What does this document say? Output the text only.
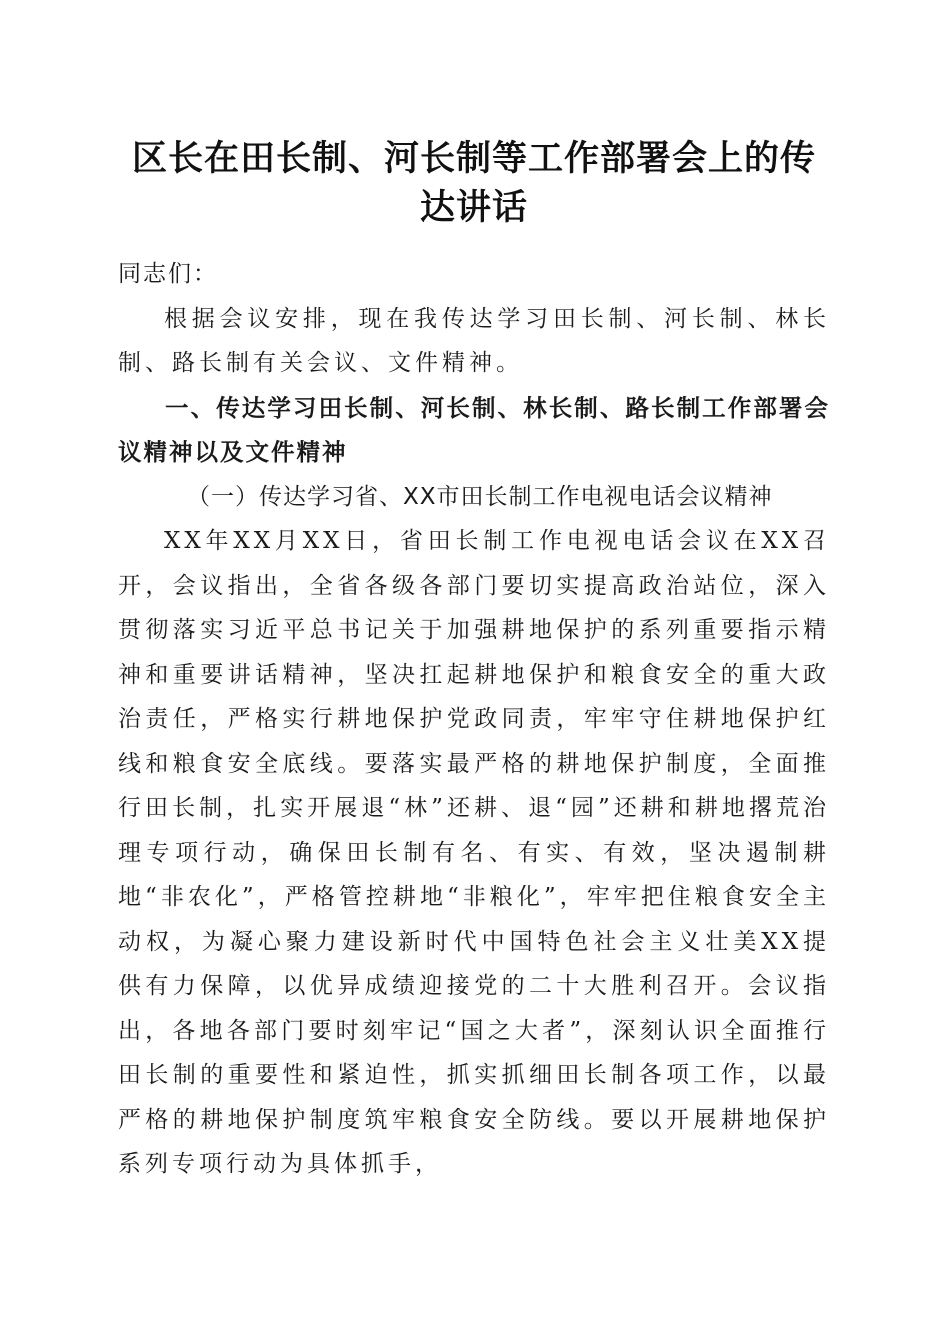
区长在田长制、河长制等工作部署会上的传达讲话

同志们：

根据会议安排，现在我传达学习田长制、河长制、林长制、路长制有关会议、文件精神。

一、传达学习田长制、河长制、林长制、路长制工作部署会议精神以及文件精神

（一）传达学习省、XX市田长制工作电视电话会议精神

XX年XX月XX日，省田长制工作电视电话会议在XX召开，会议指出，全省各级各部门要切实提高政治站位，深入贯彻落实习近平总书记关于加强耕地保护的系列重要指示精神和重要讲话精神，坚决扛起耕地保护和粮食安全的重大政治责任，严格实行耕地保护党政同责，牢牢守住耕地保护红线和粮食安全底线。要落实最严格的耕地保护制度，全面推行田长制，扎实开展退“林”还耕、退“园”还耕和耕地撂荒治理专项行动，确保田长制有名、有实、有效，坚决遏制耕地“非农化”，严格管控耕地“非粮化”，牢牢把住粮食安全主动权，为凝心聚力建设新时代中国特色社会主义壮美XX提供有力保障，以优异成绩迎接党的二十大胜利召开。会议指出，各地各部门要时刻牢记“国之大者”，深刻认识全面推行田长制的重要性和紧迫性，抓实抓细田长制各项工作，以最严格的耕地保护制度筑牢粮食安全防线。要以开展耕地保护系列专项行动为具体抓手，
